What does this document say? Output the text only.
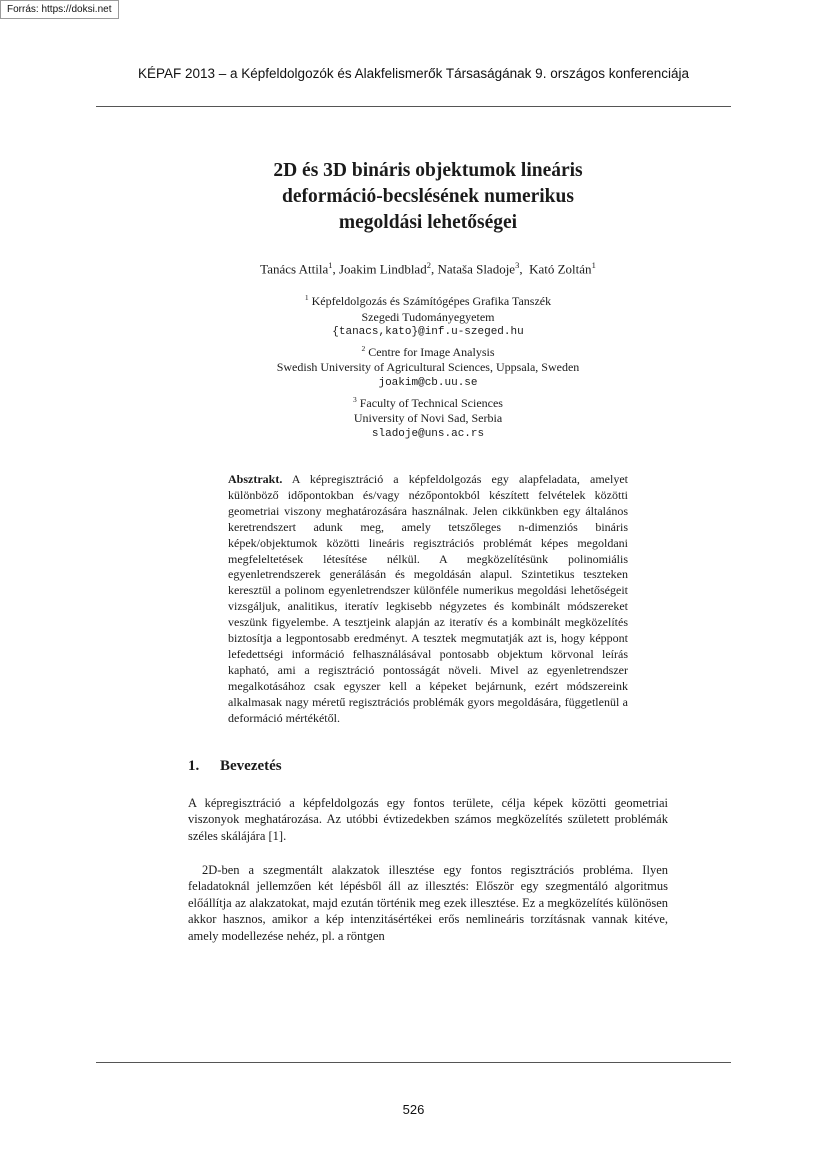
Forrás: https://doksi.net
KÉPAF 2013 – a Képfeldolgozók és Alakfelismerők Társaságának 9. országos konferenciája
2D és 3D bináris objektumok lineáris
deformáció-becslésének numerikus
megoldási lehetőségei
Tanács Attila$^1$, Joakim Lindblad$^2$, Nataša Sladoje$^3$,  Kató Zoltán$^1$
$^1$ Képfeldolgozás és Számítógépes Grafika Tanszék
Szegedi Tudományegyetem
{tanacs,kato}@inf.u-szeged.hu
$^2$ Centre for Image Analysis
Swedish University of Agricultural Sciences, Uppsala, Sweden
joakim@cb.uu.se
$^3$ Faculty of Technical Sciences
University of Novi Sad, Serbia
sladoje@uns.ac.rs

Absztrakt. A képregisztráció a képfeldolgozás egy alapfeladata, amelyet különböző időpontokban és/vagy nézőpontokból készített felvételek közötti geometriai viszony meghatározására használnak. Jelen cikkünkben egy általános keretrendszert adunk meg, amely tetszőleges n-dimenziós bináris képek/objektumok közötti lineáris regisztrációs problémát képes megoldani megfeleltetések létesítése nélkül. A megközelítésünk polinomiális egyenletrendszerek generálásán és megoldásán alapul. Szintetikus teszteken keresztül a polinom egyenletrendszer különféle numerikus megoldási lehetőségeit vizsgáljuk, analitikus, iteratív legkisebb négyzetes és kombinált módszereket veszünk figyelembe. A tesztjeink alapján az iteratív és a kombinált megközelítés biztosítja a legpontosabb eredményt. A tesztek megmutatják azt is, hogy képpont lefedettségi információ felhasználásával pontosabb objektum körvonal leírás kapható, ami a regisztráció pontosságát növeli. Mivel az egyenletrendszer megalkotásához csak egyszer kell a képeket bejárnunk, ezért módszereink alkalmasak nagy méretű regisztrációs problémák gyors megoldására, függetlenül a deformáció mértékétől.

1. Bevezetés

A képregisztráció a képfeldolgozás egy fontos területe, célja képek közötti geometriai viszonyok meghatározása. Az utóbbi évtizedekben számos megközelítés született problémák széles skálájára [1].

2D-ben a szegmentált alakzatok illesztése egy fontos regisztrációs probléma. Ilyen feladatoknál jellemzően két lépésből áll az illesztés: Először egy szegmentáló algoritmus előállítja az alakzatokat, majd ezután történik meg ezek illesztése. Ez a megközelítés különösen akkor hasznos, amikor a kép intenzitásértékei erős nemlineáris torzításnak vannak kitéve, amely modellezése nehéz, pl. a röntgen

526
